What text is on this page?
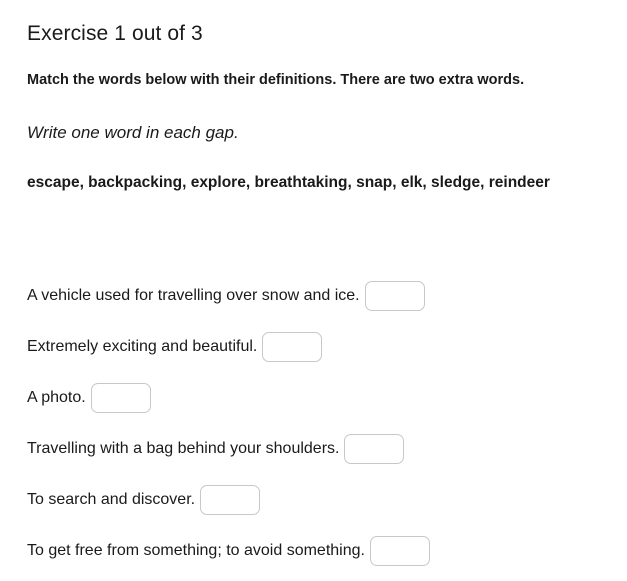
Exercise 1 out of 3
Match the words below with their definitions. There are two extra words.
Write one word in each gap.
escape, backpacking, explore, breathtaking, snap, elk, sledge, reindeer
A vehicle used for travelling over snow and ice.
Extremely exciting and beautiful.
A photo.
Travelling with a bag behind your shoulders.
To search and discover.
To get free from something; to avoid something.
